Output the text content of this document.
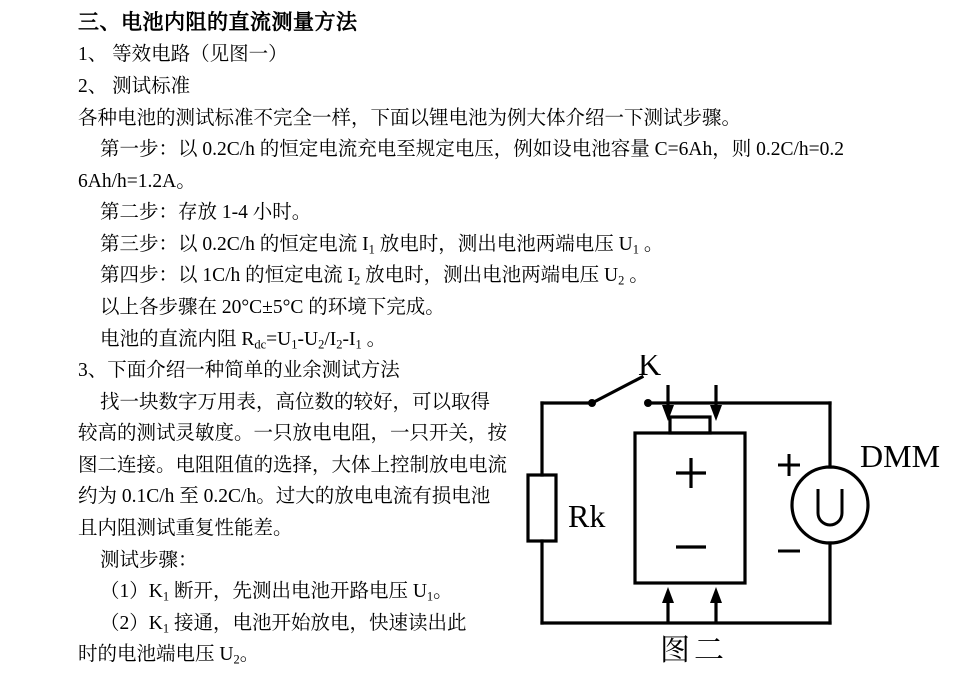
三、电池内阻的直流测量方法

1、 等效电路（见图一）

2、 测试标准

各种电池的测试标准不完全一样，下面以锂电池为例大体介绍一下测试步骤。

第一步：以 0.2C/h 的恒定电流充电至规定电压，例如设电池容量 C=6Ah，则 0.2C/h=0.2

6Ah/h=1.2A。

第二步：存放 1-4 小时。

第三步：以 0.2C/h 的恒定电流 $I_1$ 放电时，测出电池两端电压 $U_1$ 。

第四步：以 1C/h 的恒定电流 $I_2$ 放电时，测出电池两端电压 $U_2$ 。

以上各步骤在 20°C±5°C 的环境下完成。

电池的直流内阻 $R_{dc}=U_1-U_2/I_2-I_1$ 。

3、下面介绍一种简单的业余测试方法

找一块数字万用表，高位数的较好，可以取得较高的测试灵敏度。一只放电电阻，一只开关，按图二连接。电阻阻值的选择，大体上控制放电电流约为 0.1C/h 至 0.2C/h。过大的放电电流有损电池且内阻测试重复性能差。

测试步骤：

$(1)K_1$ 断开，先测出电池开路电压 $U_1$。

$(2)K_1$ 接通，电池开始放电，快速读出此

时的电池端电压 $U_2$。

K
Rk
DMM
图二
